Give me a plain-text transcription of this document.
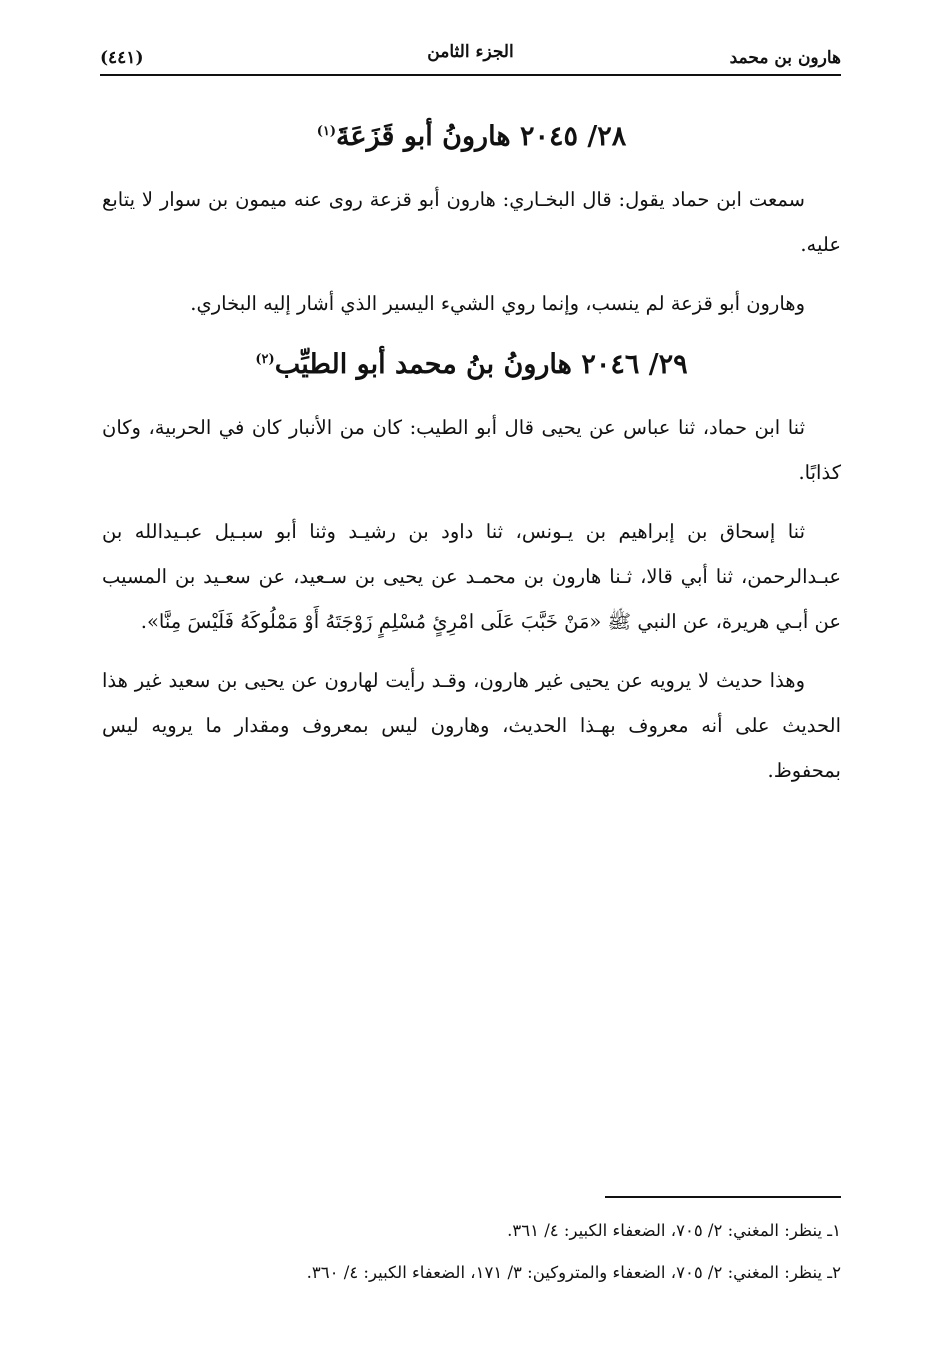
هارون بن محمد
الجزء الثامن
(٤٤١)
٢٨/ ٢٠٤٥ هارونُ أبو قَزَعَةَ$^{(١)}$

سمعت ابن حماد يقول: قال البخـاري: هارون أبو قزعة روى عنه ميمون بن سوار لا يتابع عليه.

وهارون أبو قزعة لم ينسب، وإنما روي الشيء اليسير الذي أشار إليه البخاري.

٢٩/ ٢٠٤٦ هارونُ بنُ محمد أبو الطيِّب$^{(٢)}$

ثنا ابن حماد، ثنا عباس عن يحيى قال أبو الطيب: كان من الأنبار كان في الحربية، وكان كذابًا.

ثنا إسحاق بن إبراهيم بن يـونس، ثنا داود بن رشيـد وثنا أبو سبـيل عبـيدالله بن عبـدالرحمن، ثنا أبي قالا، ثـنا هارون بن محمـد عن يحيى بن سـعيد، عن سعـيد بن المسيب عن أبـي هريرة، عن النبي ﷺ «مَنْ خَبَّبَ عَلَى امْرِئٍ مُسْلِمٍ زَوْجَتَهُ أَوْ مَمْلُوكَهُ فَلَيْسَ مِنَّا».

وهذا حديث لا يرويه عن يحيى غير هارون، وقـد رأيت لهارون عن يحيى بن سعيد غير هذا الحديث على أنه معروف بهـذا الحديث، وهارون ليس بمعروف ومقدار ما يرويه ليس بمحفوظ.

١ـ ينظر: المغني: ٢/ ٧٠٥، الضعفاء الكبير: ٤/ ٣٦١.
٢ـ ينظر: المغني: ٢/ ٧٠٥، الضعفاء والمتروكين: ٣/ ١٧١، الضعفاء الكبير: ٤/ ٣٦٠.
